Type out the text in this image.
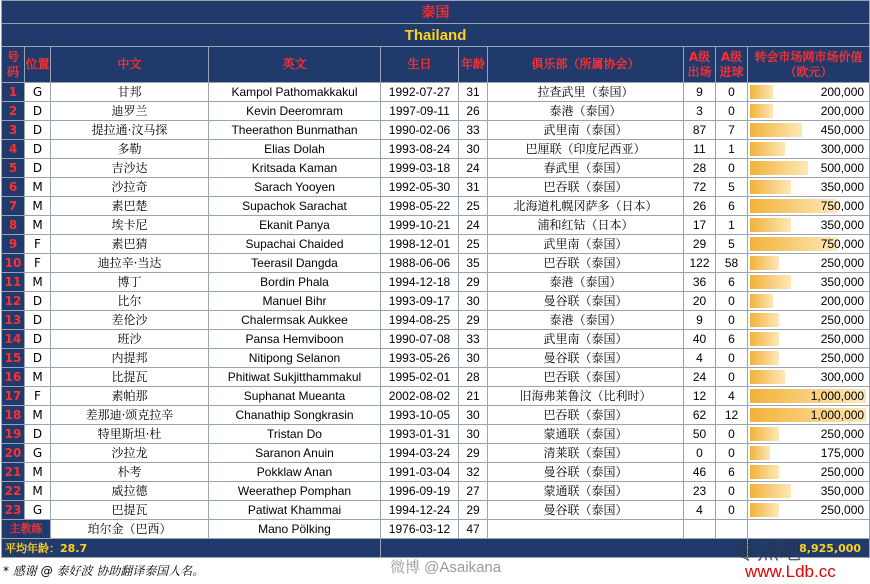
泰国									
Thailand									
号码	位置	中文	英文	生日	年龄	俱乐部（所属协会）	A级出场	A级进球	转会市场网市场价值（欧元）
1	G	甘邦	Kampol Pathomakkakul	1992-07-27	31	拉查武里（泰国）	9	0	200,000
2	D	迪罗兰	Kevin Deeromram	1997-09-11	26	泰港（泰国）	3	0	200,000
3	D	提拉通·汶马探	Theerathon Bunmathan	1990-02-06	33	武里南（泰国）	87	7	450,000
4	D	多勒	Elias Dolah	1993-08-24	30	巴厘联（印度尼西亚）	11	1	300,000
5	D	吉沙达	Kritsada Kaman	1999-03-18	24	春武里（泰国）	28	0	500,000
6	M	沙拉奇	Sarach Yooyen	1992-05-30	31	巴吞联（泰国）	72	5	350,000
7	M	素巴楚	Supachok Sarachat	1998-05-22	25	北海道札幌冈萨多（日本）	26	6	750,000
8	M	埃卡尼	Ekanit Panya	1999-10-21	24	浦和红钻（日本）	17	1	350,000
9	F	素巴猜	Supachai Chaided	1998-12-01	25	武里南（泰国）	29	5	750,000
10	F	迪拉辛·当达	Teerasil Dangda	1988-06-06	35	巴吞联（泰国）	122	58	250,000
11	M	博丁	Bordin Phala	1994-12-18	29	泰港（泰国）	36	6	350,000
12	D	比尔	Manuel Bihr	1993-09-17	30	曼谷联（泰国）	20	0	200,000
13	D	差伦沙	Chalermsak Aukkee	1994-08-25	29	泰港（泰国）	9	0	250,000
14	D	班沙	Pansa Hemviboon	1990-07-08	33	武里南（泰国）	40	6	250,000
15	D	内提邦	Nitipong Selanon	1993-05-26	30	曼谷联（泰国）	4	0	250,000
16	M	比提瓦	Phitiwat Sukjitthammakul	1995-02-01	28	巴吞联（泰国）	24	0	300,000
17	F	素帕那	Suphanat Mueanta	2002-08-02	21	旧海弗莱鲁汶（比利时）	12	4	1,000,000
18	M	差那迪·颂克拉辛	Chanathip Songkrasin	1993-10-05	30	巴吞联（泰国）	62	12	1,000,000
19	D	特里斯坦·杜	Tristan Do	1993-01-31	30	蒙通联（泰国）	50	0	250,000
20	G	沙拉龙	Saranon Anuin	1994-03-24	29	清莱联（泰国）	0	0	175,000
21	M	朴考	Pokklaw Anan	1991-03-04	32	曼谷联（泰国）	46	6	250,000
22	M	威拉德	Weerathep Pomphan	1996-09-19	27	蒙通联（泰国）	23	0	350,000
23	G	巴提瓦	Patiwat Khammai	1994-12-24	29	曼谷联（泰国）	4	0	250,000
主教练		珀尔金（巴西）	Mano Pölking	1976-03-12	47				
平均年龄：28.7									8,925,000
* 感谢 @ 泰好波 协助翻译泰国人名。	微博 @Asaikana
零点吧
www.Ldb.cc
